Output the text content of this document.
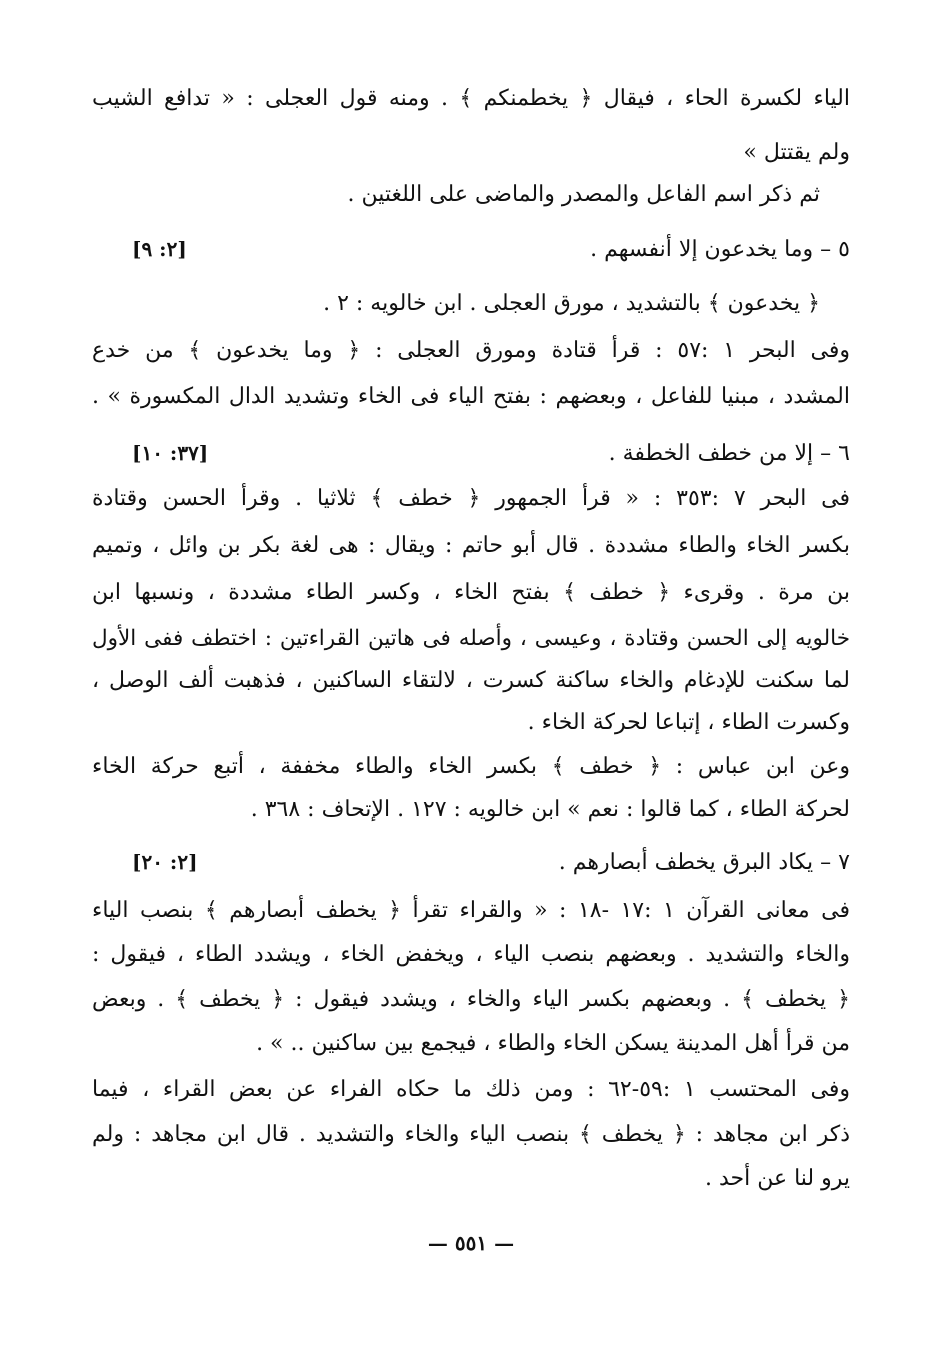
الياء لكسرة الحاء ، فيقال ﴿ يخطمنكم ﴾ . ومنه قول العجلى : « تدافع الشيب
ولم يقتتل »
ثم ذكر اسم الفاعل والمصدر والماضى على اللغتين .
٥ – وما يخدعون إلا أنفسهم .
[٢: ٩]
﴿ يخدعون ﴾ بالتشديد ، مورق العجلى . ابن خالويه : ٢ .
وفى البحر ١ :٥٧ : قرأ قتادة ومورق العجلى : ﴿ وما يخدعون ﴾ من خدع
المشدد ، مبنيا للفاعل ، وبعضهم : بفتح الياء فى الخاء وتشديد الدال المكسورة » .
٦ – إلا من خطف الخطفة .
[٣٧: ١٠]
فى البحر ٧ :٣٥٣ : « قرأ الجمهور ﴿ خطف ﴾ ثلاثيا . وقرأ الحسن وقتادة
بكسر الخاء والطاء مشددة . قال أبو حاتم : ويقال : هى لغة بكر بن وائل ، وتميم
بن مرة . وقرىء ﴿ خطف ﴾ بفتح الخاء ، وكسر الطاء مشددة ، ونسبها ابن
خالويه إلى الحسن وقتادة ، وعيسى ، وأصله فى هاتين القراءتين : اختطف ففى الأول
لما سكنت للإدغام والخاء ساكنة كسرت ، لالتقاء الساكنين ، فذهبت ألف الوصل ،
وكسرت الطاء ، إتباعا لحركة الخاء .
وعن ابن عباس : ﴿ خطف ﴾ بكسر الخاء والطاء مخففة ، أتبع حركة الخاء
لحركة الطاء ، كما قالوا : نعم » ابن خالويه : ١٢٧ . الإتحاف : ٣٦٨ .
٧ – يكاد البرق يخطف أبصارهم .
[٢: ٢٠]
فى معانى القرآن ١ :١٧ -١٨ : « والقراء تقرأ ﴿ يخطف أبصارهم ﴾ بنصب الياء
والخاء والتشديد . وبعضهم بنصب الياء ، ويخفض الخاء ، ويشدد الطاء ، فيقول :
﴿ يخطف ﴾ . وبعضهم بكسر الياء والخاء ، ويشدد فيقول : ﴿ يخطف ﴾ . وبعض
من قرأ أهل المدينة يسكن الخاء والطاء ، فيجمع بين ساكنين .. » .
وفى المحتسب ١ :٥٩-٦٢ : ومن ذلك ما حكاه الفراء عن بعض القراء ، فيما
ذكر ابن مجاهد : ﴿ يخطف ﴾ بنصب الياء والخاء والتشديد . قال ابن مجاهد : ولم
يرو لنا عن أحد .
— ٥٥١ —
